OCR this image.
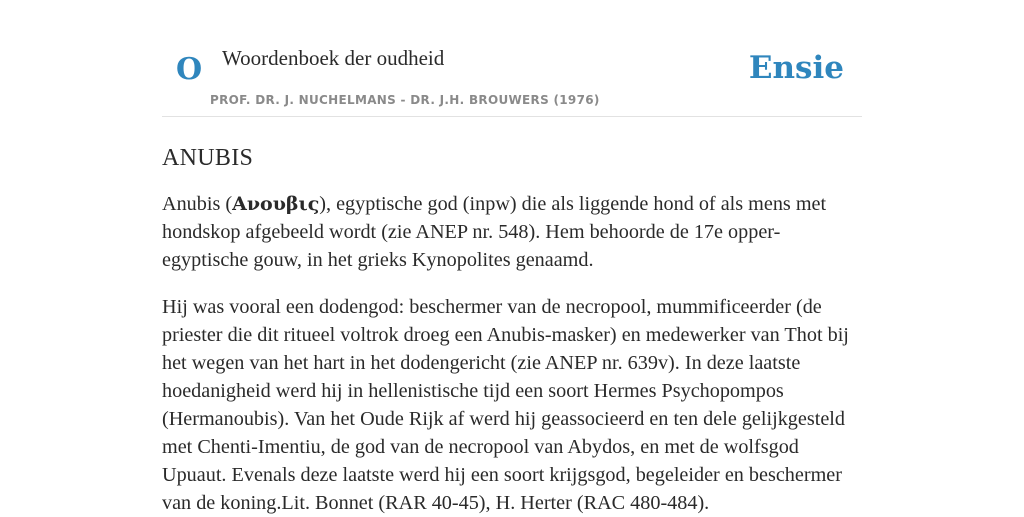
O Woordenboek der oudheid
PROF. DR. J. NUCHELMANS - DR. J.H. BROUWERS (1976)
Ensie
ANUBIS

Anubis (Ανουβις), egyptische god (inpw) die als liggende hond of als mens met hondskop afgebeeld wordt (zie ANEP nr. 548). Hem behoorde de 17e opper-egyptische gouw, in het grieks Kynopolites genaamd.

Hij was vooral een dodengod: beschermer van de necropool, mummificeerder (de priester die dit ritueel voltrok droeg een Anubis-masker) en medewerker van Thot bij het wegen van het hart in het dodengericht (zie ANEP nr. 639v). In deze laatste hoedanigheid werd hij in hellenistische tijd een soort Hermes Psychopompos (Hermanoubis). Van het Oude Rijk af werd hij geassocieerd en ten dele gelijkgesteld met Chenti-Imentiu, de god van de necropool van Abydos, en met de wolfsgod Upuaut. Evenals deze laatste werd hij een soort krijgsgod, begeleider en beschermer van de koning.Lit. Bonnet (RAR 40-45), H. Herter (RAC 480-484).
